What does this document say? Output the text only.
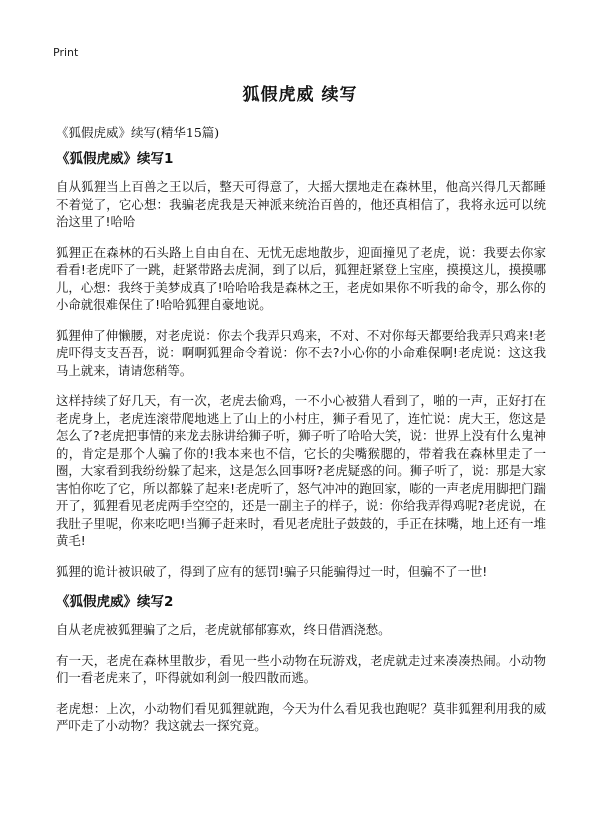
Print
狐假虎威 续写
《狐假虎威》续写(精华15篇)
《狐假虎威》续写1

自从狐狸当上百兽之王以后，整天可得意了，大摇大摆地走在森林里，他高兴得几天都睡不着觉了，它心想：我骗老虎我是天神派来统治百兽的，他还真相信了，我将永远可以统治这里了!哈哈

狐狸正在森林的石头路上自由自在、无忧无虑地散步，迎面撞见了老虎，说：我要去你家看看!老虎吓了一跳，赶紧带路去虎洞，到了以后，狐狸赶紧登上宝座，摸摸这儿，摸摸哪儿，心想：我终于美梦成真了!哈哈哈我是森林之王，老虎如果你不听我的命令，那么你的 小命就很难保住了!哈哈狐狸自豪地说。

狐狸伸了伸懒腰，对老虎说：你去个我弄只鸡来，不对、不对你每天都要给我弄只鸡来!老虎吓得支支吾吾，说：啊啊狐狸命令着说：你不去?小心你的小命难保啊!老虎说：这这我马上就来，请请您稍等。

这样持续了好几天，有一次，老虎去偷鸡，一不小心被猎人看到了，啪的一声，正好打在老虎身上，老虎连滚带爬地逃上了山上的小村庄，狮子看见了，连忙说：虎大王，您这是怎么了?老虎把事情的来龙去脉讲给狮子听，狮子听了哈哈大笑，说：世界上没有什么鬼神的，肯定是那个人骗了你的!我本来也不信，它长的尖嘴猴腮的，带着我在森林里走了一圈，大家看到我纷纷躲了起来，这是怎么回事呀?老虎疑惑的问。狮子听了，说：那是大家害怕你吃了它，所以都躲了起来!老虎听了，怒气冲冲的跑回家，嘭的一声老虎用脚把门踹开了，狐狸看见老虎两手空空的，还是一副主子的样子，说：你给我弄得鸡呢?老虎说，在我肚子里呢，你来吃吧!当狮子赶来时，看见老虎肚子鼓鼓的，手正在抹嘴，地上还有一堆黄毛!

狐狸的诡计被识破了，得到了应有的惩罚!骗子只能骗得过一时，但骗不了一世!

《狐假虎威》续写2

自从老虎被狐狸骗了之后，老虎就郁郁寡欢，终日借酒浇愁。

有一天，老虎在森林里散步，看见一些小动物在玩游戏，老虎就走过来凑凑热闹。小动物们一看老虎来了，吓得就如利剑一般四散而逃。

老虎想：上次，小动物们看见狐狸就跑，今天为什么看见我也跑呢？莫非狐狸利用我的威严吓走了小动物？我这就去一探究竟。
